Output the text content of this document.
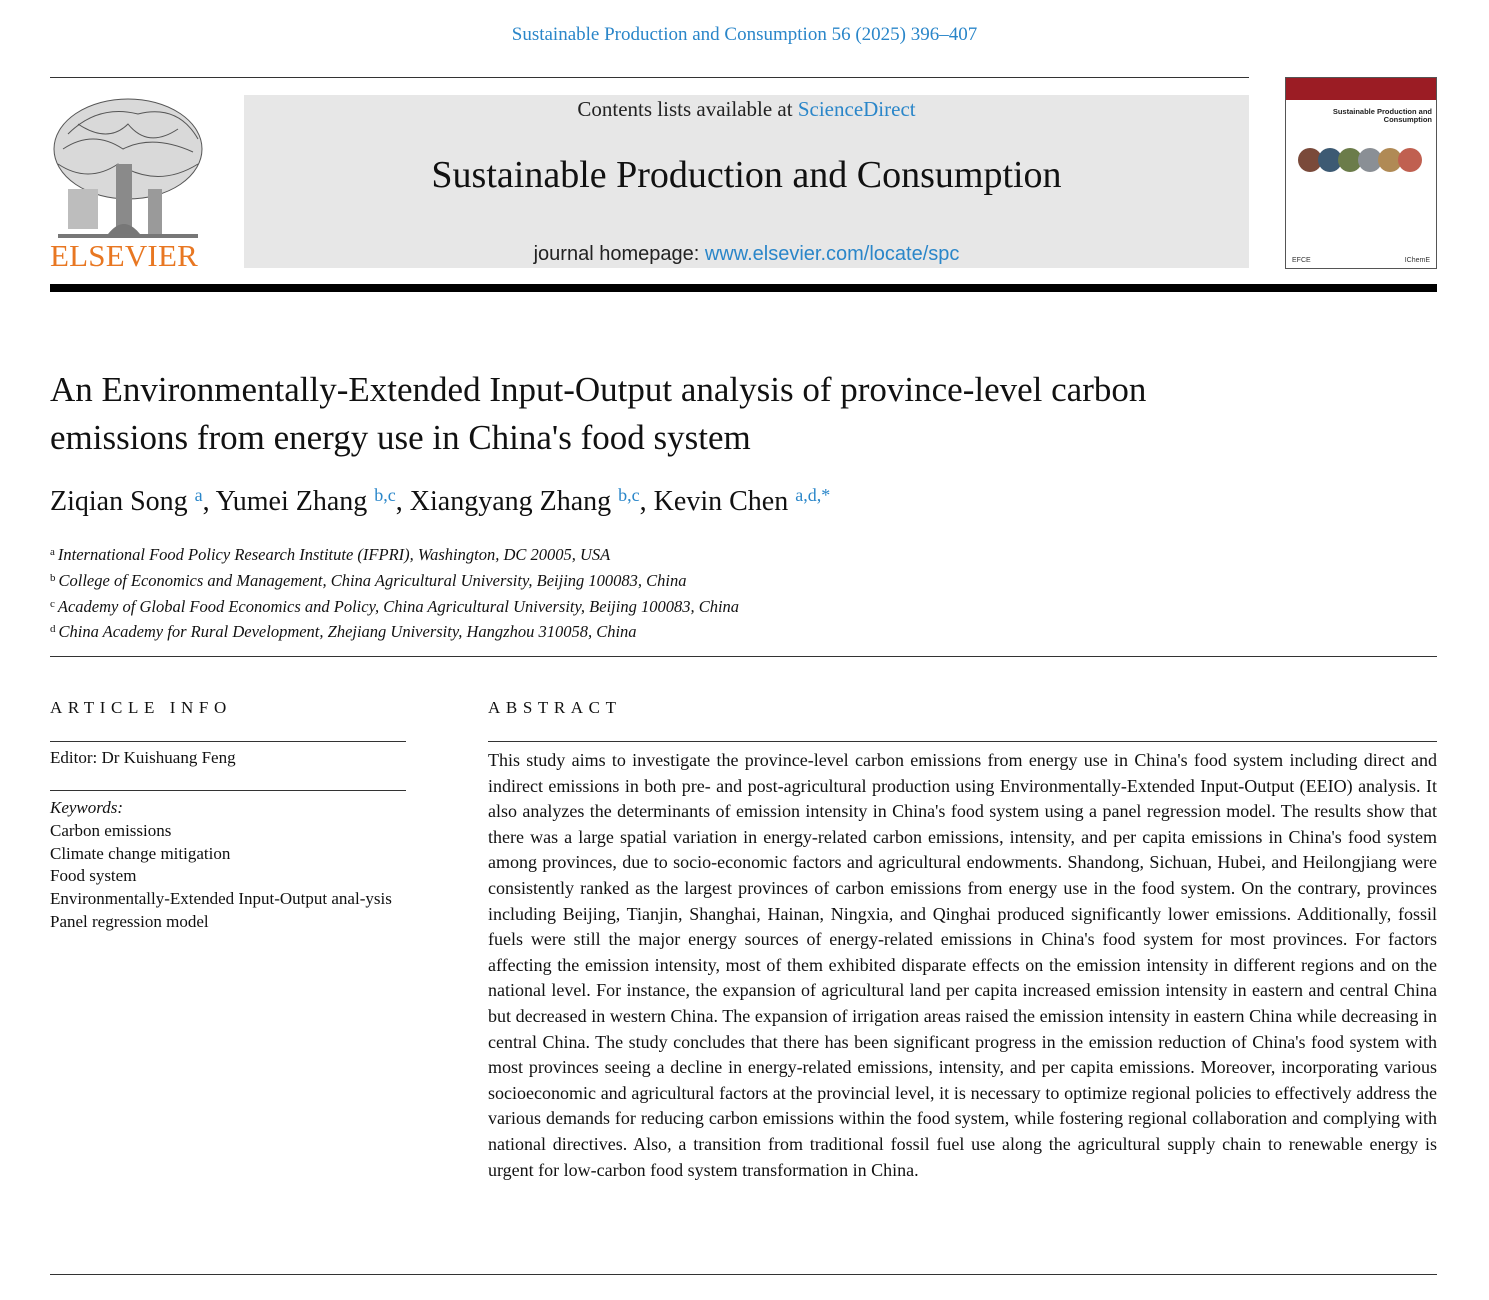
Sustainable Production and Consumption 56 (2025) 396–407
ELSEVIER
Contents lists available at ScienceDirect
Sustainable Production and Consumption
journal homepage: www.elsevier.com/locate/spc
Sustainable Production and Consumption
EFCE	IChemE
An Environmentally-Extended Input-Output analysis of province-level carbon emissions from energy use in China's food system
Ziqian Song $^a$, Yumei Zhang $^{b,c}$, Xiangyang Zhang $^{b,c}$, Kevin Chen $^{a,d,*}$
$^a$ International Food Policy Research Institute (IFPRI), Washington, DC 20005, USA
$^b$ College of Economics and Management, China Agricultural University, Beijing 100083, China
$^c$ Academy of Global Food Economics and Policy, China Agricultural University, Beijing 100083, China
$^d$ China Academy for Rural Development, Zhejiang University, Hangzhou 310058, China
ARTICLE INFO	ABSTRACT
Editor: Dr Kuishuang Feng
Keywords:
Carbon emissions
Climate change mitigation
Food system
Environmentally-Extended Input-Output anal-ysis
Panel regression model
This study aims to investigate the province-level carbon emissions from energy use in China's food system including direct and indirect emissions in both pre- and post-agricultural production using Environmentally-Extended Input-Output (EEIO) analysis. It also analyzes the determinants of emission intensity in China's food system using a panel regression model. The results show that there was a large spatial variation in energy-related carbon emissions, intensity, and per capita emissions in China's food system among provinces, due to socio-economic factors and agricultural endowments. Shandong, Sichuan, Hubei, and Heilongjiang were consistently ranked as the largest provinces of carbon emissions from energy use in the food system. On the contrary, provinces including Beijing, Tianjin, Shanghai, Hainan, Ningxia, and Qinghai produced significantly lower emissions. Additionally, fossil fuels were still the major energy sources of energy-related emissions in China's food system for most provinces. For factors affecting the emission intensity, most of them exhibited disparate effects on the emission intensity in different regions and on the national level. For instance, the expansion of agricultural land per capita increased emission intensity in eastern and central China but decreased in western China. The expansion of irrigation areas raised the emission intensity in eastern China while decreasing in central China. The study concludes that there has been significant progress in the emission reduction of China's food system with most provinces seeing a decline in energy-related emissions, intensity, and per capita emissions. Moreover, incorporating various socioeconomic and agricultural factors at the provincial level, it is necessary to optimize regional policies to effectively address the various demands for reducing carbon emissions within the food system, while fostering regional collaboration and complying with national directives. Also, a transition from traditional fossil fuel use along the agricultural supply chain to renewable energy is urgent for low-carbon food system transformation in China.
